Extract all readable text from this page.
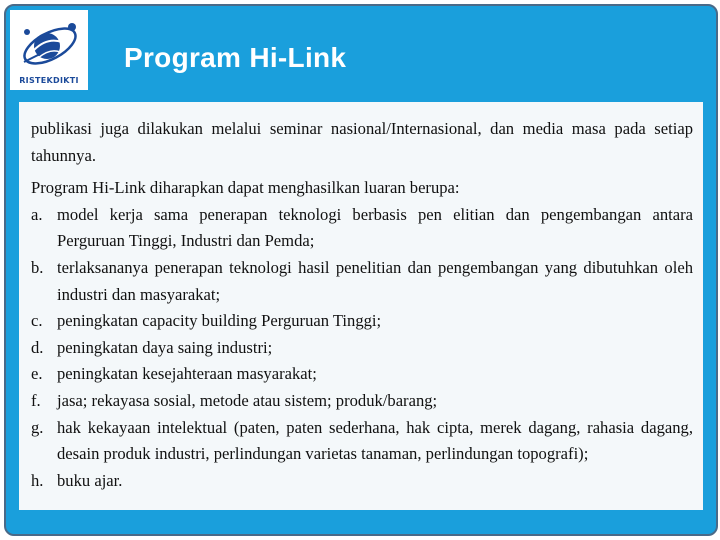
RISTEKDIKTI
Program Hi-Link

publikasi juga dilakukan melalui seminar nasional/Internasional, dan media masa pada setiap tahunnya.

Program Hi-Link diharapkan dapat menghasilkan luaran berupa:

a. model kerja sama penerapan teknologi berbasis pen elitian dan pengembangan antara Perguruan Tinggi, Industri dan Pemda;
b. terlaksananya penerapan teknologi hasil penelitian dan pengembangan yang dibutuhkan oleh industri dan masyarakat;
c. peningkatan capacity building Perguruan Tinggi;
d. peningkatan daya saing industri;
e. peningkatan kesejahteraan masyarakat;
f. jasa; rekayasa sosial, metode atau sistem; produk/barang;
g. hak kekayaan intelektual (paten, paten sederhana, hak cipta, merek dagang, rahasia dagang, desain produk industri, perlindungan varietas tanaman, perlindungan topografi);
h. buku ajar.
